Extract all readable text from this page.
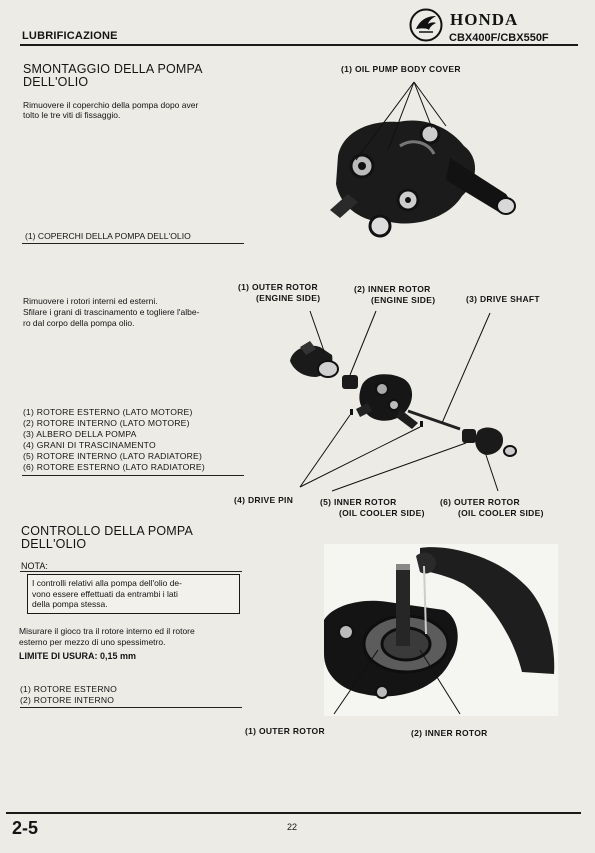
LUBRIFICAZIONE
HONDA
CBX400F/CBX550F
SMONTAGGIO DELLA POMPA
DELL'OLIO
Rimuovere il coperchio della pompa dopo aver
tolto le tre viti di fissaggio.
(1) COPERCHI DELLA POMPA DELL'OLIO
(1) OIL PUMP BODY COVER
Rimuovere i rotori interni ed esterni.
Sfilare i grani di trascinamento e togliere l'albe-
ro dal corpo della pompa olio.
(1) ROTORE ESTERNO (LATO MOTORE)
(2) ROTORE INTERNO (LATO MOTORE)
(3) ALBERO DELLA POMPA
(4) GRANI DI TRASCINAMENTO
(5) ROTORE INTERNO (LATO RADIATORE)
(6) ROTORE ESTERNO (LATO RADIATORE)
(1) OUTER ROTOR
(ENGINE SIDE)
(2) INNER ROTOR
(ENGINE SIDE)	(3) DRIVE SHAFT
(4) DRIVE PIN	(5) INNER ROTOR
(OIL COOLER SIDE)
(6) OUTER ROTOR
(OIL COOLER SIDE)
CONTROLLO DELLA POMPA
DELL'OLIO
NOTA:
I controlli relativi alla pompa dell'olio de-
vono essere effettuati da entrambi i lati
della pompa stessa.
Misurare il gioco tra il rotore interno ed il rotore
esterno per mezzo di uno spessimetro.
LIMITE DI USURA: 0,15 mm
(1) ROTORE ESTERNO
(2) ROTORE INTERNO
(1) OUTER ROTOR	(2) INNER ROTOR
2-5	22
